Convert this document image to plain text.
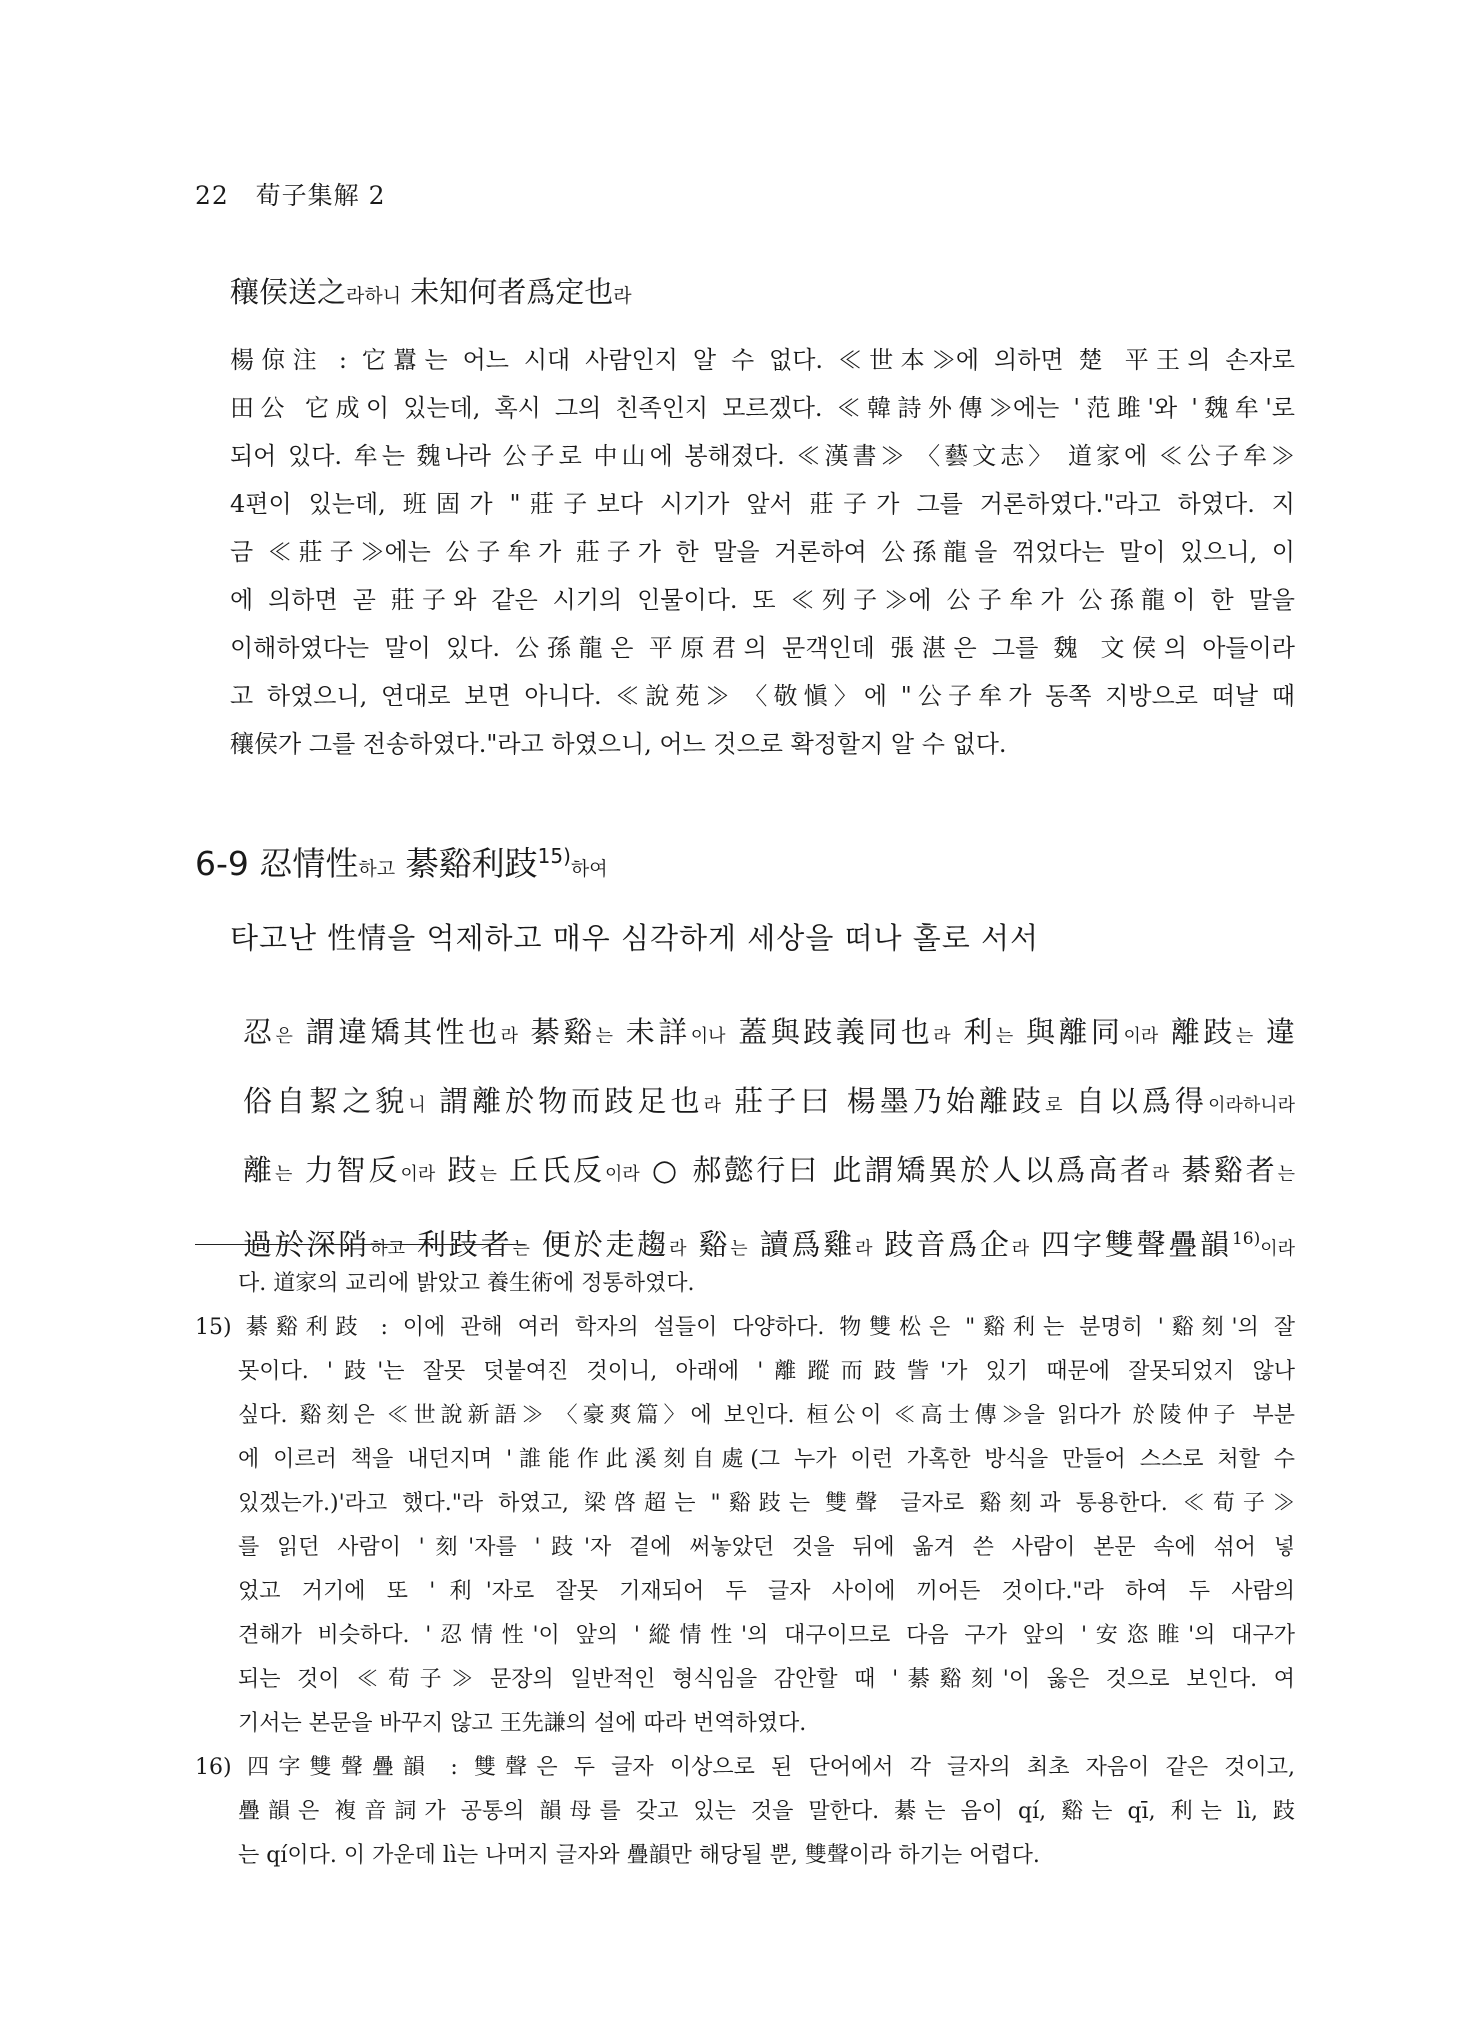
22 荀子集解 2
穰侯送之라하니 未知何者爲定也라

楊倞注 : 它囂는 어느 시대 사람인지 알 수 없다. ≪世本≫에 의하면 楚 平王의 손자로

田公 它成이 있는데, 혹시 그의 친족인지 모르겠다. ≪韓詩外傳≫에는 '范雎'와 '魏牟'로

되어 있다. 牟는 魏나라 公子로 中山에 봉해졌다. ≪漢書≫ 〈藝文志〉 道家에 ≪公子牟≫

4편이 있는데, 班固가 "莊子보다 시기가 앞서 莊子가 그를 거론하였다."라고 하였다. 지

금 ≪莊子≫에는 公子牟가 莊子가 한 말을 거론하여 公孫龍을 꺾었다는 말이 있으니, 이

에 의하면 곧 莊子와 같은 시기의 인물이다. 또 ≪列子≫에 公子牟가 公孫龍이 한 말을

이해하였다는 말이 있다. 公孫龍은 平原君의 문객인데 張湛은 그를 魏 文侯의 아들이라

고 하였으니, 연대로 보면 아니다. ≪說苑≫ 〈敬愼〉에 "公子牟가 동쪽 지방으로 떠날 때

穰侯가 그를 전송하였다."라고 하였으니, 어느 것으로 확정할지 알 수 없다.

6-9 忍情性하고 綦谿利跂$^{15)}$하여
타고난 性情을 억제하고 매우 심각하게 세상을 떠나 홀로 서서

忍은 謂違矯其性也라 綦谿는 未詳이나 蓋與跂義同也라 利는 與離同이라 離跂는 違

俗自絜之貌니 謂離於物而跂足也라 莊子曰 楊墨乃始離跂로 自以爲得이라하니라

離는 力智反이라 跂는 丘氏反이라 ○ 郝懿行曰 此謂矯異於人以爲高者라 綦谿者는

過於深陗하고 利跂者는 便於走趨라 谿는 讀爲雞라 跂音爲企라 四字雙聲疊韻$^{16)}$이라

다. 道家의 교리에 밝았고 養生術에 정통하였다.

15) 綦谿利跂 : 이에 관해 여러 학자의 설들이 다양하다. 物雙松은 "谿利는 분명히 '谿刻'의 잘

못이다. '跂'는 잘못 덧붙여진 것이니, 아래에 '離蹤而跂訾'가 있기 때문에 잘못되었지 않나

싶다. 谿刻은 ≪世說新語≫ 〈豪爽篇〉에 보인다. 桓公이 ≪高士傳≫을 읽다가 於陵仲子 부분

에 이르러 책을 내던지며 '誰能作此溪刻自處(그 누가 이런 가혹한 방식을 만들어 스스로 처할 수

있겠는가.)'라고 했다."라 하였고, 梁啓超는 "谿跂는 雙聲 글자로 谿刻과 통용한다. ≪荀子≫

를 읽던 사람이 '刻'자를 '跂'자 곁에 써놓았던 것을 뒤에 옮겨 쓴 사람이 본문 속에 섞어 넣

었고 거기에 또 '利'자로 잘못 기재되어 두 글자 사이에 끼어든 것이다."라 하여 두 사람의

견해가 비슷하다. '忍情性'이 앞의 '縱情性'의 대구이므로 다음 구가 앞의 '安恣睢'의 대구가

되는 것이 ≪荀子≫ 문장의 일반적인 형식임을 감안할 때 '綦谿刻'이 옳은 것으로 보인다. 여

기서는 본문을 바꾸지 않고 王先謙의 설에 따라 번역하였다.

16) 四字雙聲疊韻 : 雙聲은 두 글자 이상으로 된 단어에서 각 글자의 최초 자음이 같은 것이고,

疊韻은 複音詞가 공통의 韻母를 갖고 있는 것을 말한다. 綦는 음이 qí, 谿는 qī, 利는 lì, 跂

는 qí이다. 이 가운데 lì는 나머지 글자와 疊韻만 해당될 뿐, 雙聲이라 하기는 어렵다.
